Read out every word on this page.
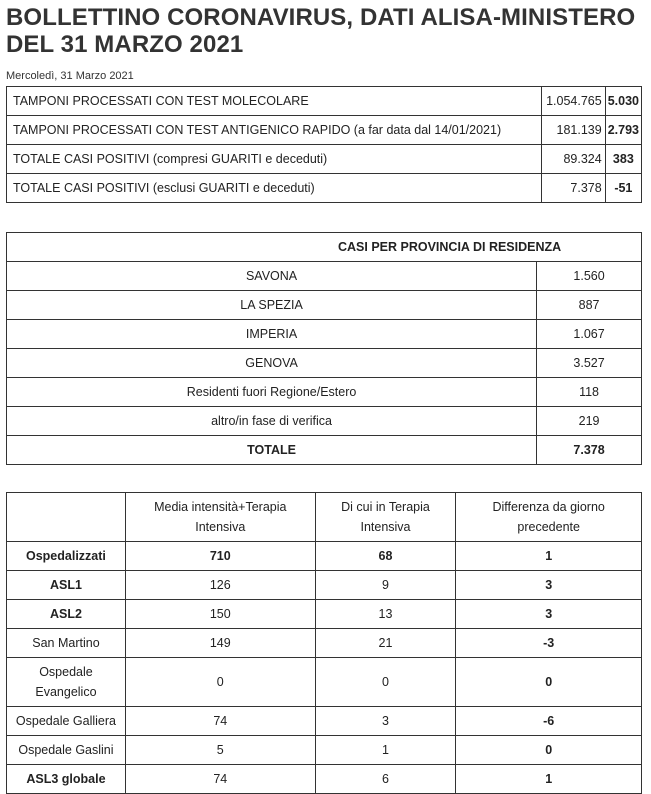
BOLLETTINO CORONAVIRUS, DATI ALISA-MINISTERO DEL 31 MARZO 2021
Mercoledì, 31 Marzo 2021
TAMPONI PROCESSATI CON TEST MOLECOLARE	1.054.765	5.030
TAMPONI PROCESSATI CON TEST ANTIGENICO RAPIDO (a far data dal 14/01/2021)	181.139	2.793
TOTALE CASI POSITIVI (compresi GUARITI e deceduti)	89.324	383
TOTALE CASI POSITIVI (esclusi GUARITI e deceduti)	7.378	-51
CASI PER PROVINCIA DI RESIDENZA	
SAVONA	1.560
LA SPEZIA	887
IMPERIA	1.067
GENOVA	3.527
Residenti fuori Regione/Estero	118
altro/in fase di verifica	219
TOTALE	7.378
	Media intensità+Terapia Intensiva	Di cui in Terapia Intensiva	Differenza da giorno precedente
Ospedalizzati	710	68	1
ASL1	126	9	3
ASL2	150	13	3
San Martino	149	21	-3
Ospedale Evangelico	0	0	0
Ospedale Galliera	74	3	-6
Ospedale Gaslini	5	1	0
ASL3 globale	74	6	1
